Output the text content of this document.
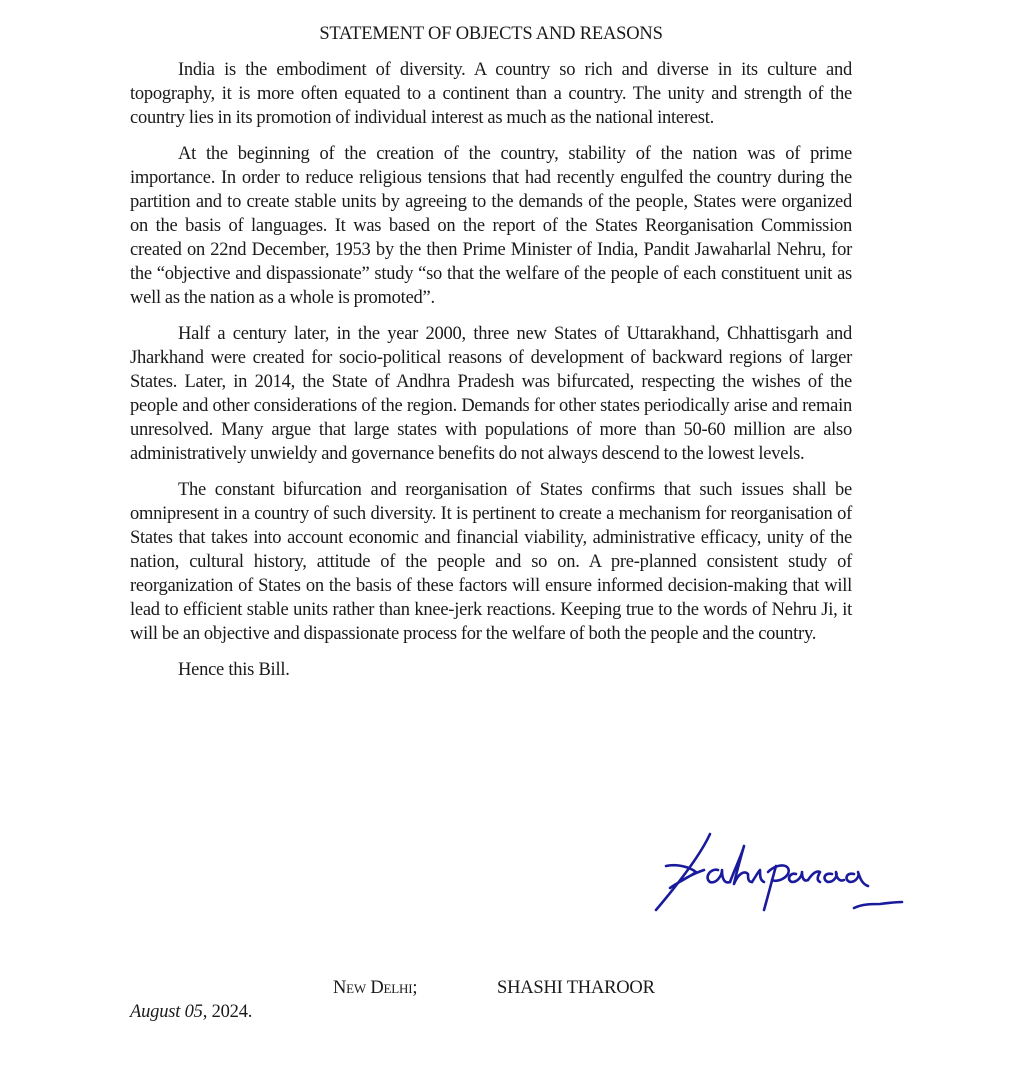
STATEMENT OF OBJECTS AND REASONS

India is the embodiment of diversity. A country so rich and diverse in its culture and topography, it is more often equated to a continent than a country. The unity and strength of the country lies in its promotion of individual interest as much as the national interest.

At the beginning of the creation of the country, stability of the nation was of prime importance. In order to reduce religious tensions that had recently engulfed the country during the partition and to create stable units by agreeing to the demands of the people, States were organized on the basis of languages. It was based on the report of the States Reorganisation Commission created on 22nd December, 1953 by the then Prime Minister of India, Pandit Jawaharlal Nehru, for the “objective and dispassionate” study “so that the welfare of the people of each constituent unit as well as the nation as a whole is promoted”.

Half a century later, in the year 2000, three new States of Uttarakhand, Chhattisgarh and Jharkhand were created for socio-political reasons of development of backward regions of larger States. Later, in 2014, the State of Andhra Pradesh was bifurcated, respecting the wishes of the people and other considerations of the region. Demands for other states periodically arise and remain unresolved. Many argue that large states with populations of more than 50-60 million are also administratively unwieldy and governance benefits do not always descend to the lowest levels.

The constant bifurcation and reorganisation of States confirms that such issues shall be omnipresent in a country of such diversity. It is pertinent to create a mechanism for reorganisation of States that takes into account economic and financial viability, administrative efficacy, unity of the nation, cultural history, attitude of the people and so on. A pre-planned consistent study of reorganization of States on the basis of these factors will ensure informed decision-making that will lead to efficient stable units rather than knee-jerk reactions. Keeping true to the words of Nehru Ji, it will be an objective and dispassionate process for the welfare of both the people and the country.

Hence this Bill.

New Delhi;	SHASHI THAROOR
August 05, 2024.
